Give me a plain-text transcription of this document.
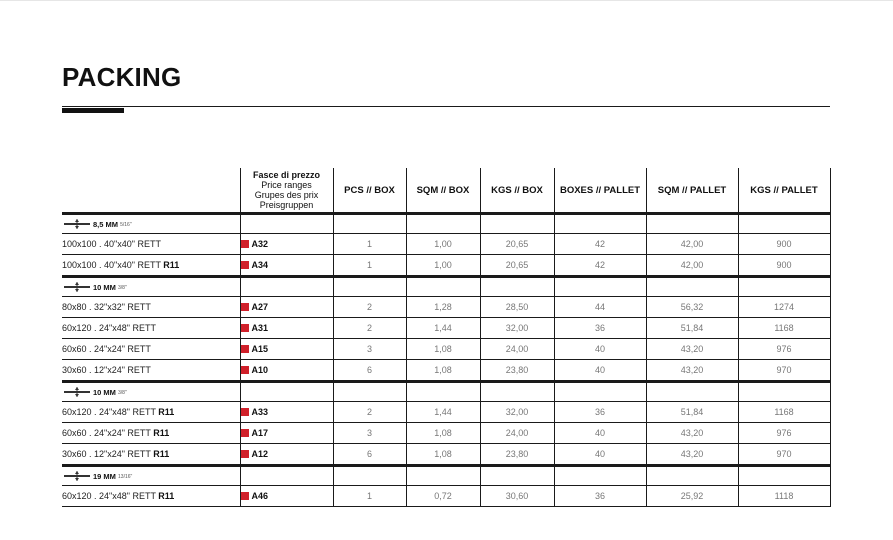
PACKING

	Fasce di prezzo
Price ranges
Grupes des prix
Preisgruppen	PCS // BOX	SQM // BOX	KGS // BOX	BOXES // PALLET	SQM // PALLET	KGS // PALLET
8,5 MM 5/16"							
100x100 . 40"x40" RETT	A32	1	1,00	20,65	42	42,00	900
100x100 . 40"x40" RETT R11	A34	1	1,00	20,65	42	42,00	900
10 MM 3/8"							
80x80 . 32"x32" RETT	A27	2	1,28	28,50	44	56,32	1274
60x120 . 24"x48" RETT	A31	2	1,44	32,00	36	51,84	1168
60x60 . 24"x24" RETT	A15	3	1,08	24,00	40	43,20	976
30x60 . 12"x24" RETT	A10	6	1,08	23,80	40	43,20	970
10 MM 3/8"							
60x120 . 24"x48" RETT R11	A33	2	1,44	32,00	36	51,84	1168
60x60 . 24"x24" RETT R11	A17	3	1,08	24,00	40	43,20	976
30x60 . 12"x24" RETT R11	A12	6	1,08	23,80	40	43,20	970
19 MM 13/16"							
60x120 . 24"x48" RETT R11	A46	1	0,72	30,60	36	25,92	1118
